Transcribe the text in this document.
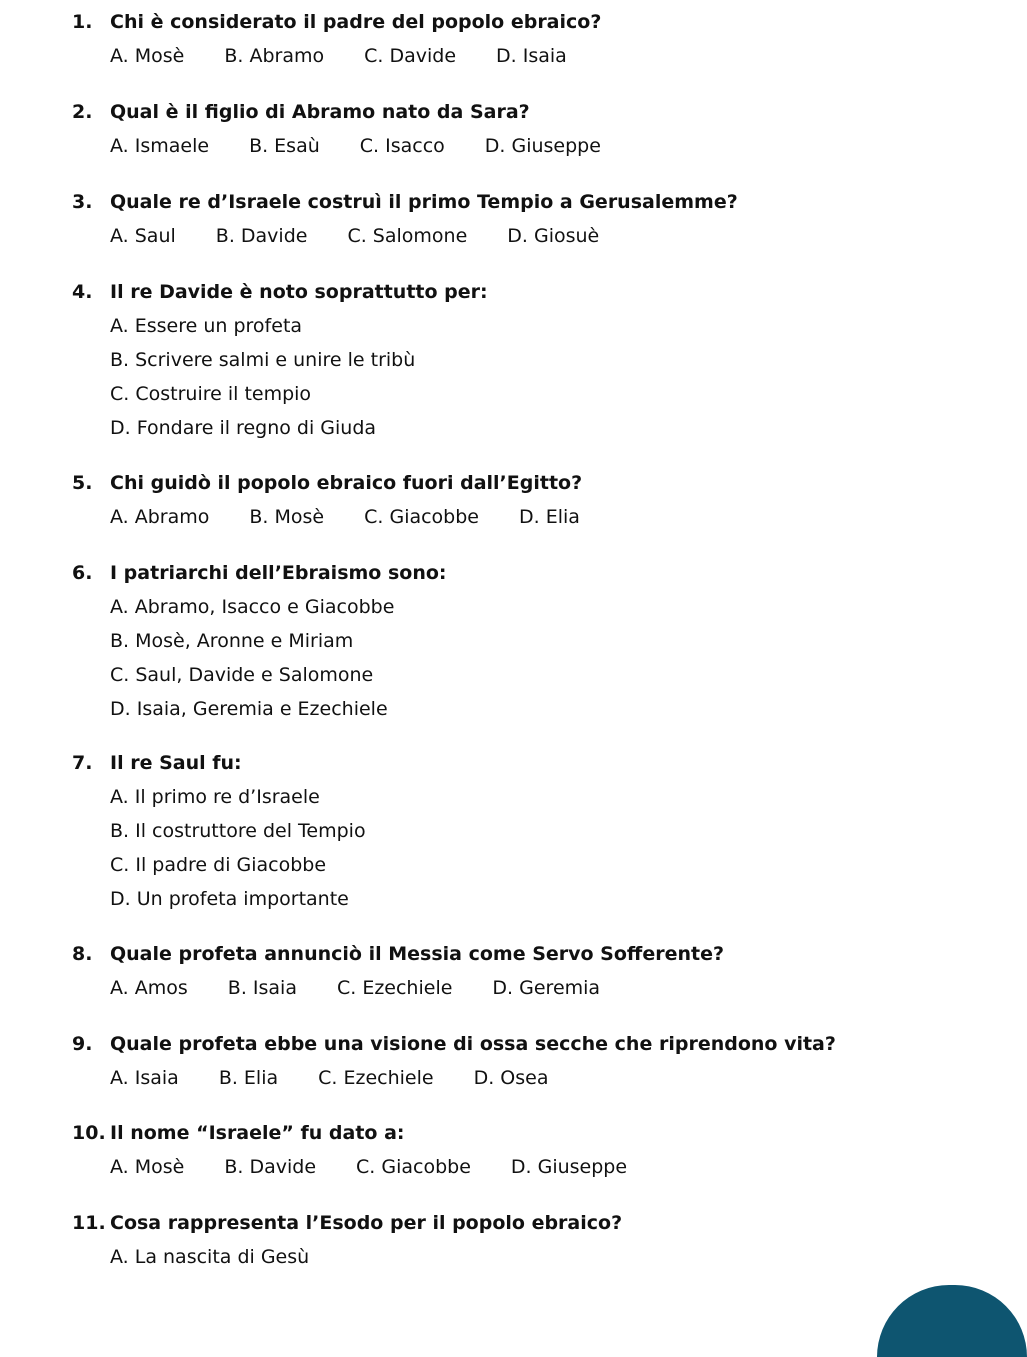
1. Chi è considerato il padre del popolo ebraico?
A. Mosè B. Abramo C. Davide D. Isaia
2. Qual è il figlio di Abramo nato da Sara?
A. Ismaele B. Esaù C. Isacco D. Giuseppe
3. Quale re d’Israele costruì il primo Tempio a Gerusalemme?
A. Saul B. Davide C. Salomone D. Giosuè
4. Il re Davide è noto soprattutto per:
A. Essere un profeta
B. Scrivere salmi e unire le tribù
C. Costruire il tempio
D. Fondare il regno di Giuda
5. Chi guidò il popolo ebraico fuori dall’Egitto?
A. Abramo B. Mosè C. Giacobbe D. Elia
6. I patriarchi dell’Ebraismo sono:
A. Abramo, Isacco e Giacobbe
B. Mosè, Aronne e Miriam
C. Saul, Davide e Salomone
D. Isaia, Geremia e Ezechiele
7. Il re Saul fu:
A. Il primo re d’Israele
B. Il costruttore del Tempio
C. Il padre di Giacobbe
D. Un profeta importante
8. Quale profeta annunciò il Messia come Servo Sofferente?
A. Amos B. Isaia C. Ezechiele D. Geremia
9. Quale profeta ebbe una visione di ossa secche che riprendono vita?
A. Isaia B. Elia C. Ezechiele D. Osea
10. Il nome “Israele” fu dato a:
A. Mosè B. Davide C. Giacobbe D. Giuseppe
11. Cosa rappresenta l’Esodo per il popolo ebraico?
A. La nascita di Gesù
